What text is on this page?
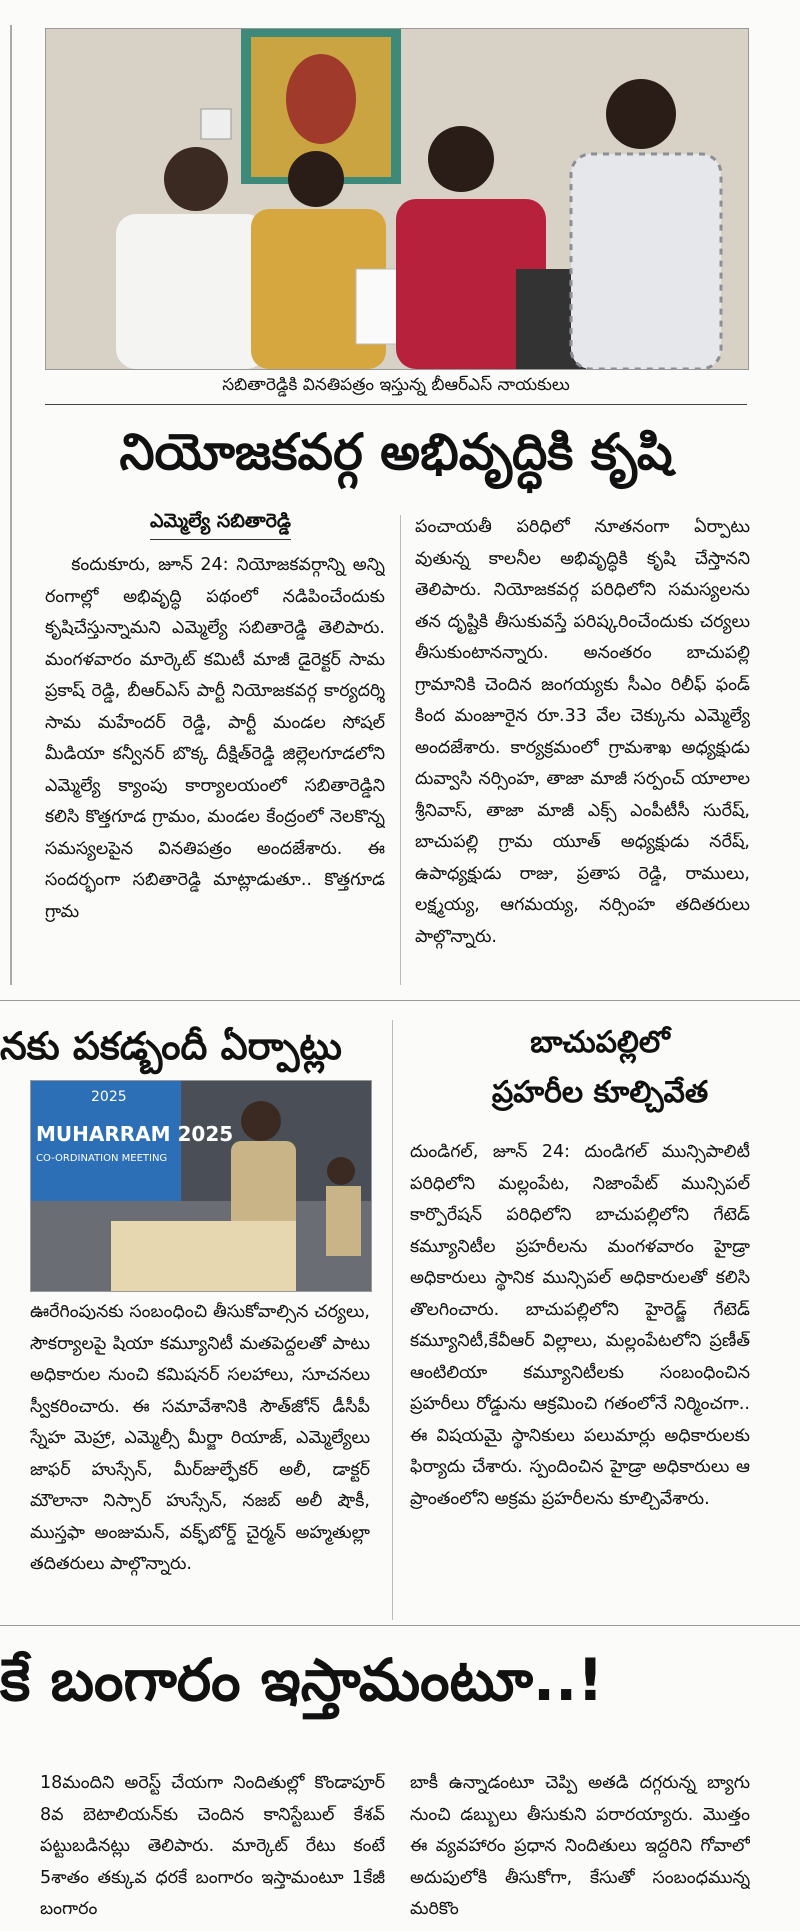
సబితారెడ్డికి వినతిపత్రం ఇస్తున్న బీఆర్ఎస్ నాయకులు
నియోజకవర్గ అభివృద్ధికి కృషి
ఎమ్మెల్యే సబితారెడ్డి
కందుకూరు, జూన్ 24: నియోజకవర్గాన్ని అన్ని రంగాల్లో అభివృద్ధి పథంలో నడిపించేందుకు కృషిచేస్తున్నామని ఎమ్మెల్యే సబితారెడ్డి తెలిపారు. మంగళవారం మార్కెట్ కమిటీ మాజీ డైరెక్టర్ సామ ప్రకాష్ రెడ్డి, బీఆర్ఎస్ పార్టీ నియోజకవర్గ కార్యదర్శి సామ మహేందర్ రెడ్డి, పార్టీ మండల సోషల్ మీడియా కన్వీనర్ బొక్క దీక్షిత్‌రెడ్డి జిల్లెలగూడలోని ఎమ్మెల్యే క్యాంపు కార్యాలయంలో సబితారెడ్డిని కలిసి కొత్తగూడ గ్రామం, మండల కేంద్రంలో నెలకొన్న సమస్యలపైన వినతిపత్రం అందజేశారు. ఈ సందర్భంగా సబితారెడ్డి మాట్లాడుతూ.. కొత్తగూడ గ్రామ
పంచాయతీ పరిధిలో నూతనంగా ఏర్పాటు వుతున్న కాలనీల అభివృద్ధికి కృషి చేస్తానని తెలిపారు. నియోజకవర్గ పరిధిలోని సమస్యలను తన దృష్టికి తీసుకువస్తే పరిష్కరించేందుకు చర్యలు తీసుకుంటానన్నారు. అనంతరం బాచుపల్లి గ్రామానికి చెందిన జంగయ్యకు సీఎం రిలీఫ్ ఫండ్ కింద మంజూరైన రూ.33 వేల చెక్కును ఎమ్మెల్యే అందజేశారు. కార్యక్రమంలో గ్రామశాఖ అధ్యక్షుడు దువ్వాసి నర్సింహ, తాజా మాజీ సర్పంచ్ యాలాల శ్రీనివాస్, తాజా మాజీ ఎక్స్ ఎంపీటీసీ సురేష్, బాచుపల్లి గ్రామ యూత్ అధ్యక్షుడు నరేష్, ఉపాధ్యక్షుడు రాజు, ప్రతాప రెడ్డి, రాములు, లక్ష్మయ్య, ఆగమయ్య, నర్సింహ తదితరులు పాల్గొన్నారు.
నకు పకడ్బందీ ఏర్పాట్లు
2025
MUHARRAM 2025
CO-ORDINATION MEETING
ఊరేగింపునకు సంబంధించి తీసుకోవాల్సిన చర్యలు, సౌకర్యాలపై షియా కమ్యూనిటీ మతపెద్దలతో పాటు అధికారుల నుంచి కమిషనర్ సలహాలు, సూచనలు స్వీకరించారు. ఈ సమావేశానికి సౌత్‌జోన్ డీసీపీ స్నేహ మెహ్రా, ఎమ్మెల్సీ మీర్జా రియాజ్, ఎమ్మెల్యేలు జాఫర్ హుస్సేన్, మీర్‌జుల్ఫేకర్ అలీ, డాక్టర్ మౌలానా నిస్సార్ హుస్సేన్, నజబ్ అలీ షౌకీ, ముస్తఫా అంజుమన్, వక్ఫ్‌బోర్డ్ చైర్మన్ అహ్మతుల్లా తదితరులు పాల్గొన్నారు.
బాచుపల్లిలో
ప్రహరీల కూల్చివేత
దుండిగల్, జూన్ 24: దుండిగల్ మున్సిపాలిటీ పరిధిలోని మల్లంపేట, నిజాంపేట్ మున్సిపల్ కార్పొరేషన్ పరిధిలోని బాచుపల్లిలోని గేటెడ్ కమ్యూనిటీల ప్రహరీలను మంగళవారం హైడ్రా అధికారులు స్థానిక మున్సిపల్ అధికారులతో కలిసి తొలగించారు. బాచుపల్లిలోని హైరెడ్జ్ గేటెడ్ కమ్యూనిటీ,కేవీఆర్ విల్లాలు, మల్లంపేటలోని ప్రణీత్ ఆంటిలియా కమ్యూనిటీలకు సంబంధించిన ప్రహరీలు రోడ్డును ఆక్రమించి గతంలోనే నిర్మించగా.. ఈ విషయమై స్థానికులు పలుమార్లు అధికారులకు ఫిర్యాదు చేశారు. స్పందించిన హైడ్రా అధికారులు ఆ ప్రాంతంలోని అక్రమ ప్రహరీలను కూల్చివేశారు.
కే బంగారం ఇస్తామంటూ..!
18మందిని అరెస్ట్ చేయగా నిందితుల్లో కొండాపూర్ 8వ బెటాలియన్‌కు చెందిన కానిస్టేబుల్ కేశవ్ పట్టుబడినట్లు తెలిపారు. మార్కెట్ రేటు కంటే 5శాతం తక్కువ ధరకే బంగారం ఇస్తామంటూ 1కేజీ బంగారం
బాకీ ఉన్నాడంటూ చెప్పి అతడి దగ్గరున్న బ్యాగు నుంచి డబ్బులు తీసుకుని పరారయ్యారు. మొత్తం ఈ వ్యవహారం ప్రధాన నిందితులు ఇద్దరిని గోవాలో అదుపులోకి తీసుకోగా, కేసుతో సంబంధమున్న మరికొం
